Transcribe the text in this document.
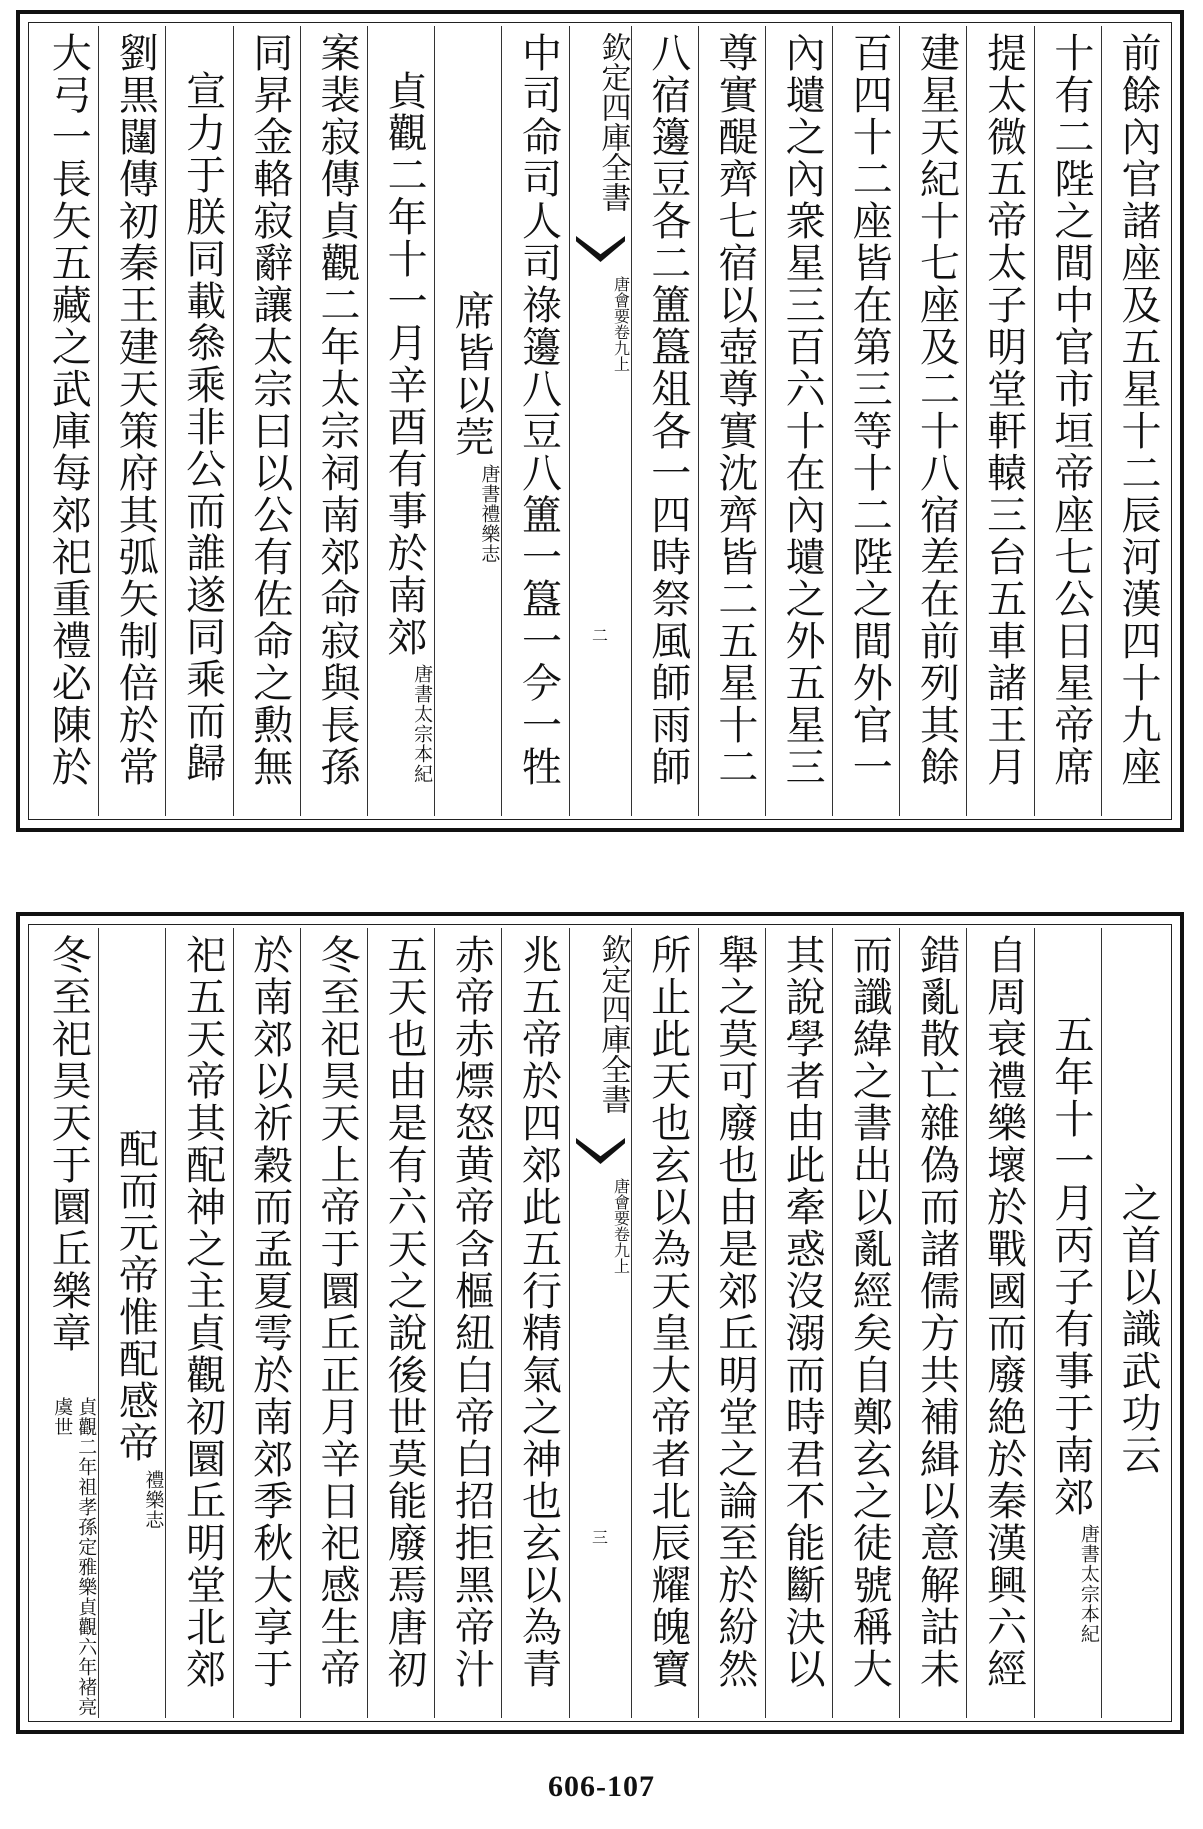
前餘內官諸座及五星十二辰河漢四十九座
十有二陛之間中官市垣帝座七公日星帝席
提太微五帝太子明堂軒轅三台五車諸王月
建星天紀十七座及二十八宿差在前列其餘
百四十二座皆在第三等十二陛之間外官一
內壝之內衆星三百六十在內壝之外五星三
尊實醍齊七宿以壺尊實沈齊皆二五星十二
八宿籩豆各二簠簋俎各一四時祭風師雨師
欽定四庫全書
唐會要卷九上
二
中司命司人司祿籩八豆八簠一簋一𫝆一牲
席皆以莞
唐書禮樂志
貞觀二年十一月辛酉有事於南郊
唐書太宗本紀
案裴寂傳貞觀二年太宗祠南郊命寂與長孫
同昇金輅寂辭讓太宗曰以公有佐命之勲無
宣力于朕同載叅乘非公而誰遂同乘而歸
劉黒闥傳初秦王建天策府其弧矢制倍於常
大弓一長矢五藏之武庫每郊祀重禮必陳於
之首以識武功云
五年十一月丙子有事于南郊
唐書太宗本紀
自周衰禮樂壞於戰國而廢絶於秦漢興六經
錯亂散亡雜偽而諸儒方共補緝以意解詁未
而讖緯之書出以亂經矣自鄭玄之徒號稱大
其說學者由此牽惑沒溺而時君不能斷決以
舉之莫可廢也由是郊丘明堂之論至於紛然
所止此天也玄以為天皇大帝者北辰耀魄寶
欽定四庫全書
唐會要卷九上
三
兆五帝於四郊此五行精氣之神也玄以為青
赤帝赤熛怒黄帝含樞紐白帝白招拒黑帝汁
五天也由是有六天之說後世莫能廢焉唐初
冬至祀昊天上帝于圜丘正月辛日祀感生帝
於南郊以祈穀而孟夏雩於南郊季秋大享于
祀五天帝其配神之主貞觀初圜丘明堂北郊
配而元帝惟配感帝
禮樂志
冬至祀昊天于圜丘樂章
貞觀二年祖孝孫定雅樂貞觀六年褚亮虞世
606-107
